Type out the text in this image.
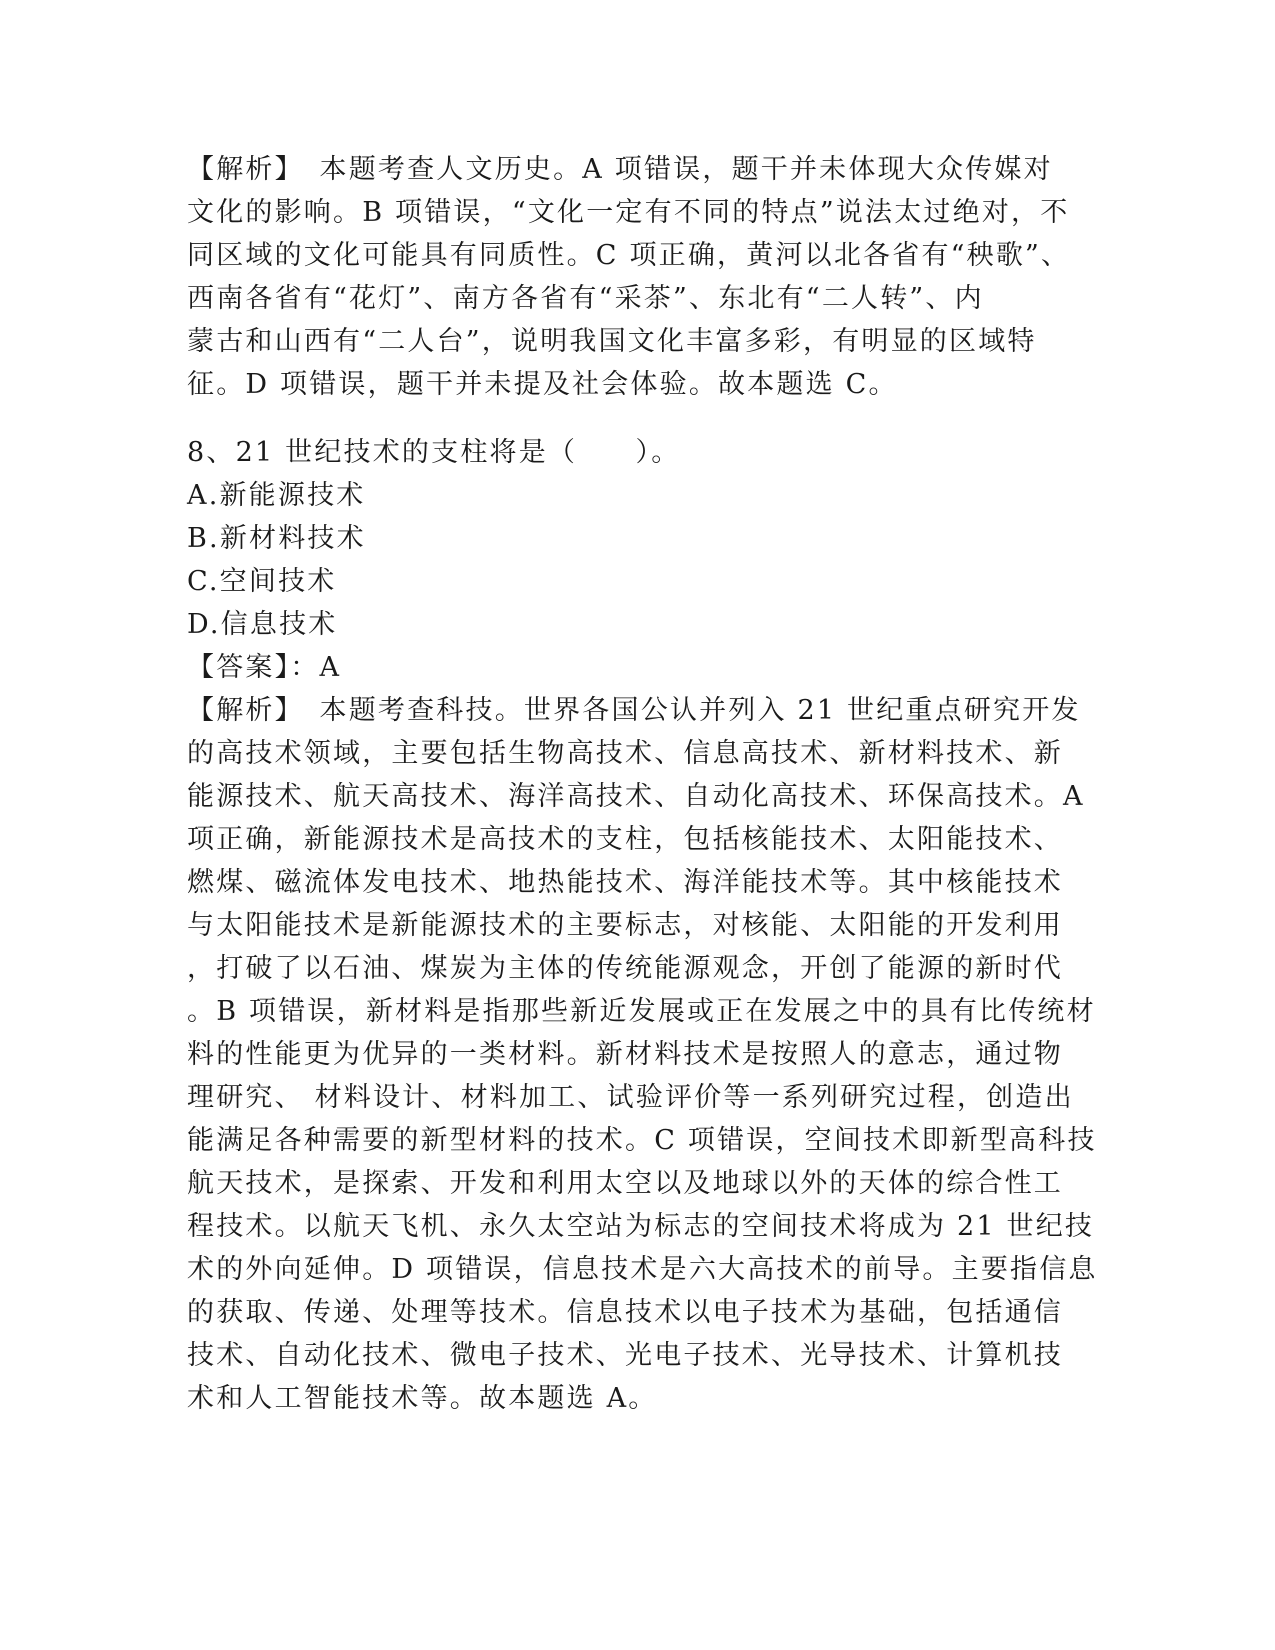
【解析】　本题考查人文历史。A 项错误，题干并未体现大众传媒对
文化的影响。B 项错误，“文化一定有不同的特点”说法太过绝对，不
同区域的文化可能具有同质性。C 项正确，黄河以北各省有“秧歌”、
西南各省有“花灯”、南方各省有“采茶”、东北有“二人转”、内
蒙古和山西有“二人台”，说明我国文化丰富多彩，有明显的区域特
征。D 项错误，题干并未提及社会体验。故本题选 C。
8、21 世纪技术的支柱将是（　　）。
A.新能源技术
B.新材料技术
C.空间技术
D.信息技术
【答案】：A
【解析】　本题考查科技。世界各国公认并列入 21 世纪重点研究开发
的高技术领域，主要包括生物高技术、信息高技术、新材料技术、新
能源技术、航天高技术、海洋高技术、自动化高技术、环保高技术。A
项正确，新能源技术是高技术的支柱，包括核能技术、太阳能技术、
燃煤、磁流体发电技术、地热能技术、海洋能技术等。其中核能技术
与太阳能技术是新能源技术的主要标志，对核能、太阳能的开发利用
，打破了以石油、煤炭为主体的传统能源观念，开创了能源的新时代
。B 项错误，新材料是指那些新近发展或正在发展之中的具有比传统材
料的性能更为优异的一类材料。新材料技术是按照人的意志，通过物
理研究、 材料设计、材料加工、试验评价等一系列研究过程，创造出
能满足各种需要的新型材料的技术。C 项错误，空间技术即新型高科技
航天技术，是探索、开发和利用太空以及地球以外的天体的综合性工
程技术。以航天飞机、永久太空站为标志的空间技术将成为 21 世纪技
术的外向延伸。D 项错误，信息技术是六大高技术的前导。主要指信息
的获取、传递、处理等技术。信息技术以电子技术为基础，包括通信
技术、自动化技术、微电子技术、光电子技术、光导技术、计算机技
术和人工智能技术等。故本题选 A。
